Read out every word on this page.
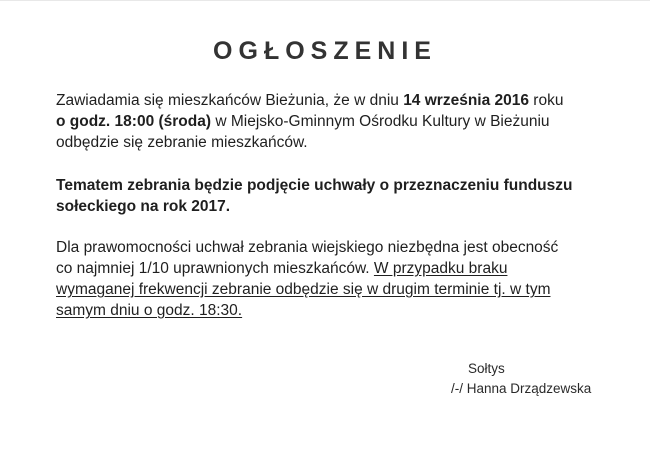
OGŁOSZENIE
Zawiadamia się mieszkańców Bieżunia, że w dniu 14 września 2016 roku
o godz. 18:00 (środa) w Miejsko-Gminnym Ośrodku Kultury w Bieżuniu
odbędzie się zebranie mieszkańców.
Tematem zebrania będzie podjęcie uchwały o przeznaczeniu funduszu
sołeckiego na rok 2017.
Dla prawomocności uchwał zebrania wiejskiego niezbędna jest obecność
co najmniej 1/10 uprawnionych mieszkańców. W przypadku braku
wymaganej frekwencji zebranie odbędzie się w drugim terminie tj. w tym
samym dniu o godz. 18:30.
Sołtys
/-/ Hanna Drządzewska
